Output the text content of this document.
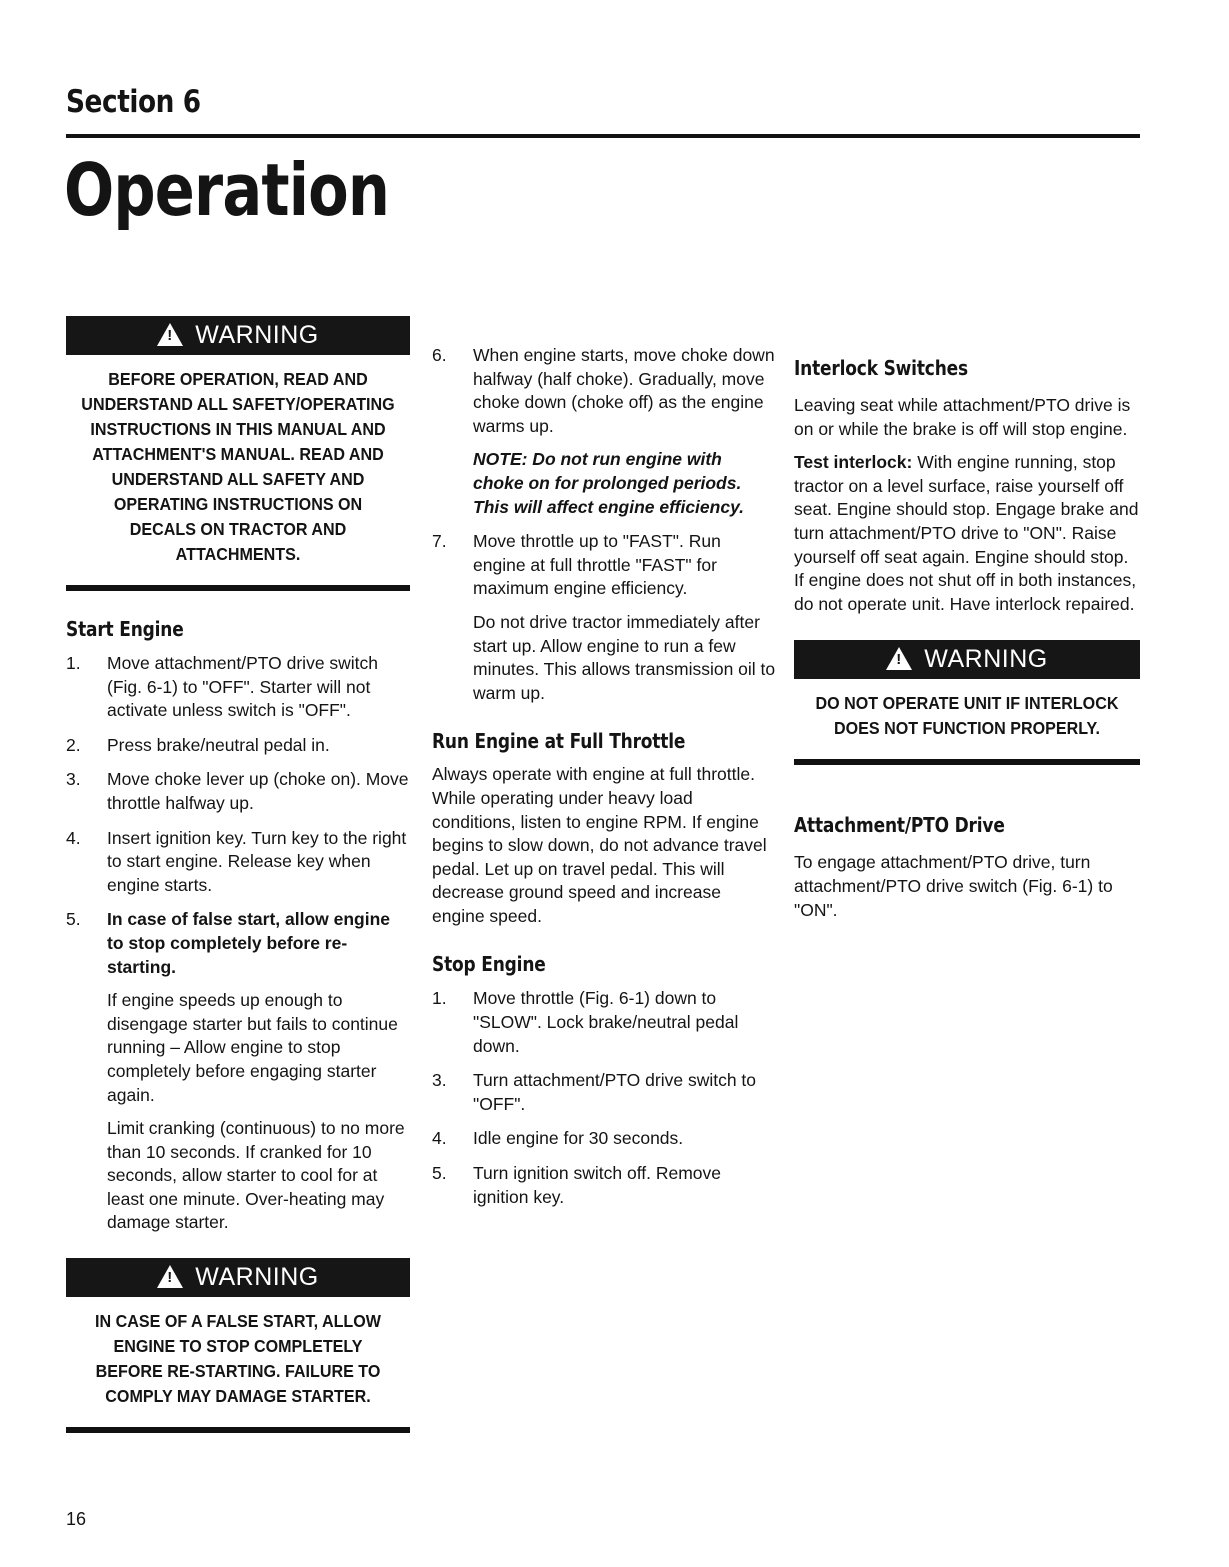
Section 6
Operation
!
WARNING

BEFORE OPERATION, READ AND UNDERSTAND ALL SAFETY/OPERATING INSTRUCTIONS IN THIS MANUAL AND ATTACHMENT'S MANUAL. READ AND UNDERSTAND ALL SAFETY AND OPERATING INSTRUCTIONS ON DECALS ON TRACTOR AND ATTACHMENTS.

Start Engine
1. Move attachment/PTO drive switch (Fig. 6-1) to "OFF". Starter will not activate unless switch is "OFF".
2. Press brake/neutral pedal in.
3. Move choke lever up (choke on). Move throttle halfway up.
4. Insert ignition key. Turn key to the right to start engine. Release key when engine starts.
5. In case of false start, allow engine to stop completely before re-starting.

If engine speeds up enough to disengage starter but fails to continue running – Allow engine to stop completely before engaging starter again.

Limit cranking (continuous) to no more than 10 seconds. If cranked for 10 seconds, allow starter to cool for at least one minute. Over-heating may damage starter.

!
WARNING

IN CASE OF A FALSE START, ALLOW ENGINE TO STOP COMPLETELY BEFORE RE-STARTING. FAILURE TO COMPLY MAY DAMAGE STARTER.

6. When engine starts, move choke down halfway (half choke). Gradually, move choke down (choke off) as the engine warms up.

NOTE: Do not run engine with choke on for prolonged periods. This will affect engine efficiency.

7. Move throttle up to "FAST". Run engine at full throttle "FAST" for maximum engine efficiency.

Do not drive tractor immediately after start up. Allow engine to run a few minutes. This allows transmission oil to warm up.

Run Engine at Full Throttle

Always operate with engine at full throttle. While operating under heavy load conditions, listen to engine RPM. If engine begins to slow down, do not advance travel pedal. Let up on travel pedal. This will decrease ground speed and increase engine speed.

Stop Engine
1. Move throttle (Fig. 6-1) down to "SLOW". Lock brake/neutral pedal down.
3. Turn attachment/PTO drive switch to "OFF".
4. Idle engine for 30 seconds.
5. Turn ignition switch off. Remove ignition key.
Interlock Switches

Leaving seat while attachment/PTO drive is on or while the brake is off will stop engine.

Test interlock: With engine running, stop tractor on a level surface, raise yourself off seat. Engine should stop. Engage brake and turn attachment/PTO drive to "ON". Raise yourself off seat again. Engine should stop. If engine does not shut off in both instances, do not operate unit. Have interlock repaired.

!
WARNING

DO NOT OPERATE UNIT IF INTERLOCK DOES NOT FUNCTION PROPERLY.

Attachment/PTO Drive

To engage attachment/PTO drive, turn attachment/PTO drive switch (Fig. 6-1) to "ON".

16
